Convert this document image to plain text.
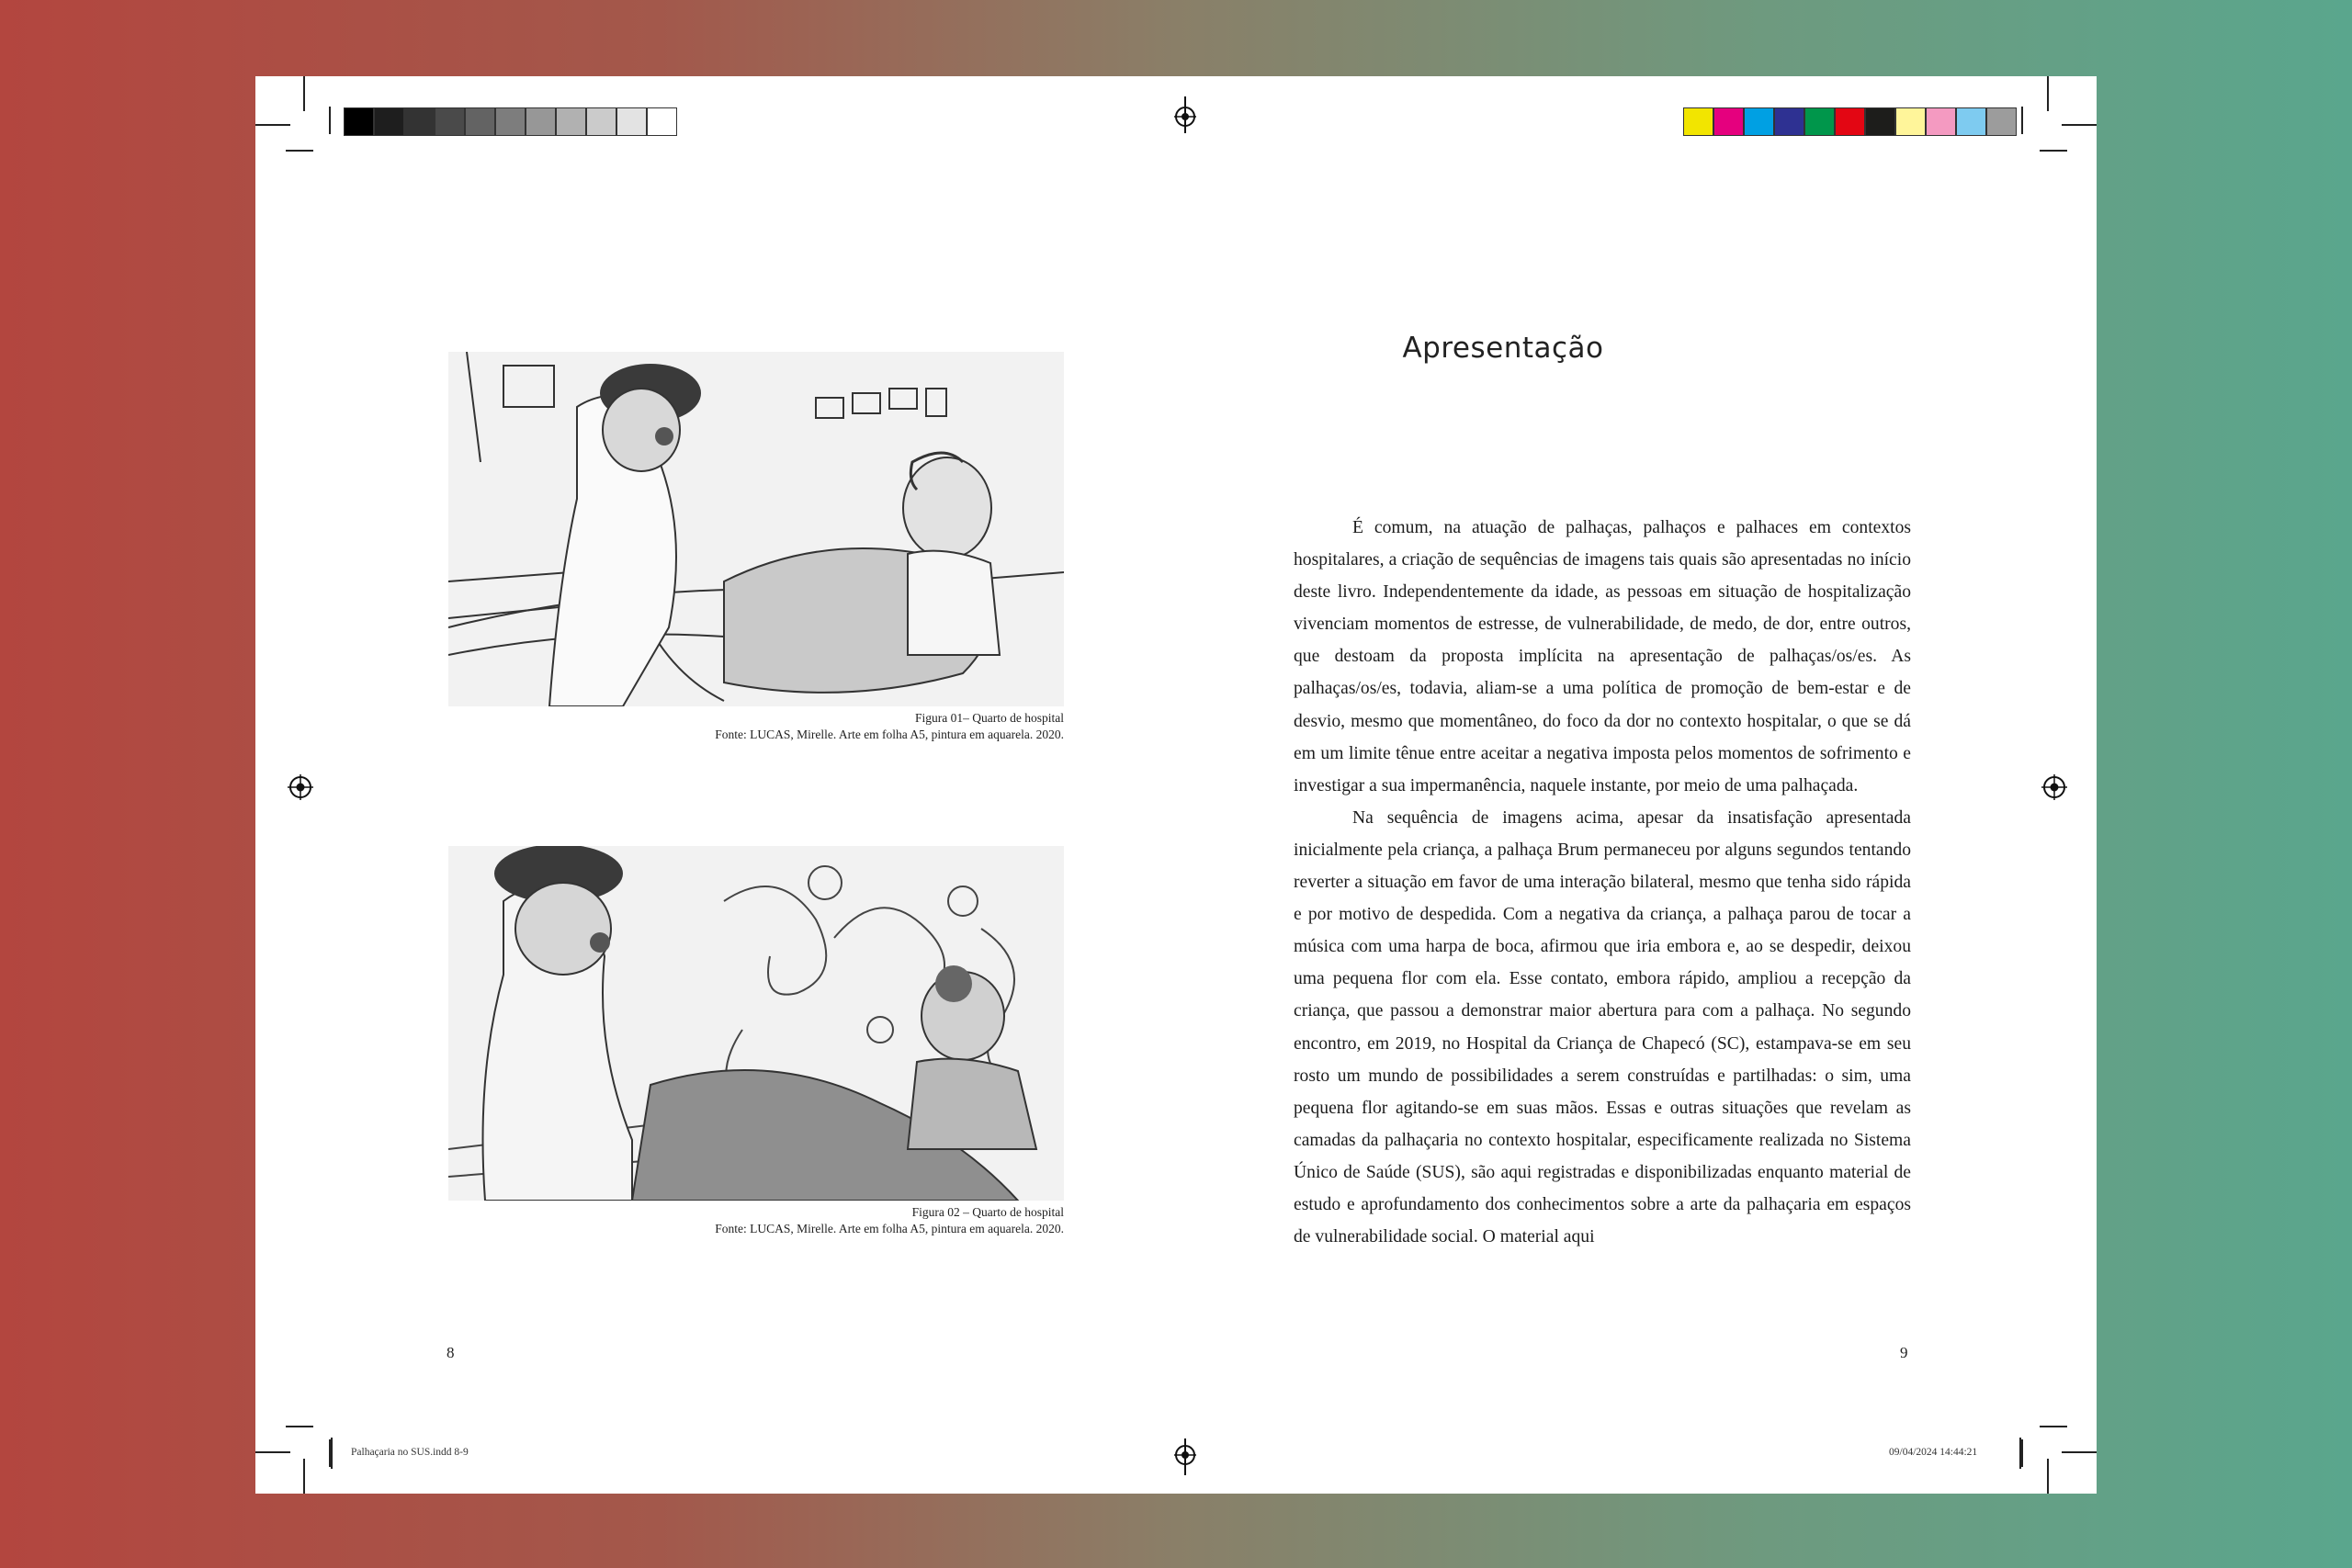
Figura 01– Quarto de hospital
Fonte: LUCAS, Mirelle. Arte em folha A5, pintura em aquarela. 2020.
Figura 02 – Quarto de hospital
Fonte: LUCAS, Mirelle. Arte em folha A5, pintura em aquarela. 2020.
8	9
Apresentação

É comum, na atuação de palhaças, palhaços e palhaces em contextos hospitalares, a criação de sequências de imagens tais quais são apresentadas no início deste livro. Independentemente da idade, as pessoas em situação de hospitalização vivenciam momentos de estresse, de vulnerabilidade, de medo, de dor, entre outros, que destoam da proposta implícita na apresentação de palhaças/os/es. As palhaças/os/es, todavia, aliam-se a uma política de promoção de bem-estar e de desvio, mesmo que momentâneo, do foco da dor no contexto hospitalar, o que se dá em um limite tênue entre aceitar a negativa imposta pelos momentos de sofrimento e investigar a sua impermanência, naquele instante, por meio de uma palhaçada.

Na sequência de imagens acima, apesar da insatisfação apresentada inicialmente pela criança, a palhaça Brum permaneceu por alguns segundos tentando reverter a situação em favor de uma interação bilateral, mesmo que tenha sido rápida e por motivo de despedida. Com a negativa da criança, a palhaça parou de tocar a música com uma harpa de boca, afirmou que iria embora e, ao se despedir, deixou uma pequena flor com ela. Esse contato, embora rápido, ampliou a recepção da criança, que passou a demonstrar maior abertura para com a palhaça. No segundo encontro, em 2019, no Hospital da Criança de Chapecó (SC), estampava-se em seu rosto um mundo de possibilidades a serem construídas e partilhadas: o sim, uma pequena flor agitando-se em suas mãos. Essas e outras situações que revelam as camadas da palhaçaria no contexto hospitalar, especificamente realizada no Sistema Único de Saúde (SUS), são aqui registradas e disponibilizadas enquanto material de estudo e aprofundamento dos conhecimentos sobre a arte da palhaçaria em espaços de vulnerabilidade social. O material aqui

Palhaçaria no SUS.indd 8-9	09/04/2024 14:44:21
